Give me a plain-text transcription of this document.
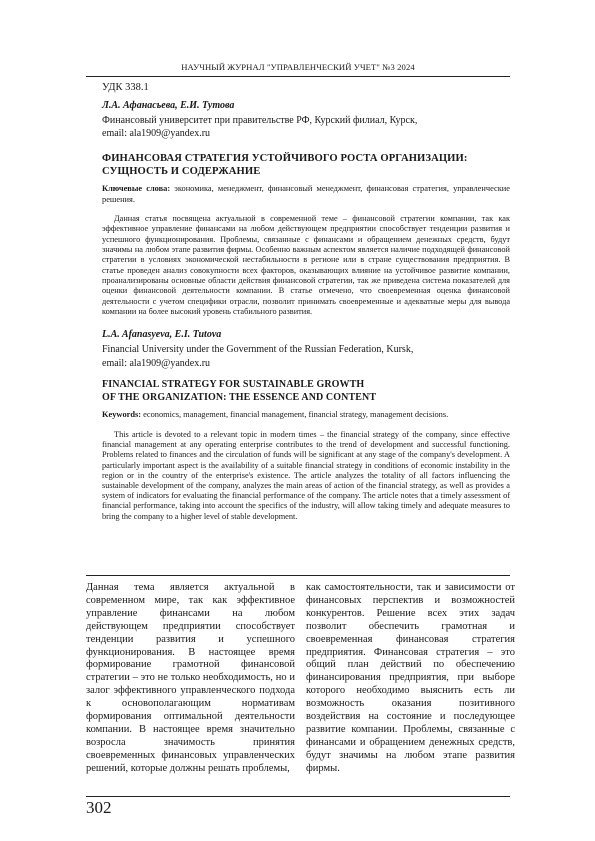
НАУЧНЫЙ ЖУРНАЛ "УПРАВЛЕНЧЕСКИЙ УЧЕТ" №3 2024
УДК 338.1
Л.А. Афанасьева, Е.И. Тутова
Финансовый университет при правительстве РФ, Курский филиал, Курск,
email: ala1909@yandex.ru
ФИНАНСОВАЯ СТРАТЕГИЯ УСТОЙЧИВОГО РОСТА ОРГАНИЗАЦИИ:
СУЩНОСТЬ И СОДЕРЖАНИЕ
Ключевые слова: экономика, менеджмент, финансовый менеджмент, финансовая стратегия, управленческие решения.
Данная статья посвящена актуальной в современной теме – финансовой стратегии компании, так как эффективное управление финансами на любом действующем предприятии способствует тенденции развития и успешного функционирования. Проблемы, связанные с финансами и обращением денежных средств, будут значимы на любом этапе развития фирмы. Особенно важным аспектом является наличие подходящей финансовой стратегии в условиях экономической нестабильности в регионе или в стране существования предприятия. В статье проведен анализ совокупности всех факторов, оказывающих влияние на устойчивое развитие компании, проанализированы основные области действия финансовой стратегии, так же приведена система показателей для оценки финансовой деятельности компании. В статье отмечено, что своевременная оценка финансовой деятельности с учетом специфики отрасли, позволит принимать своевременные и адекватные меры для вывода компании на более высокий уровень стабильного развития.
L.A. Afanasyeva, E.I. Tutova
Financial University under the Government of the Russian Federation, Kursk,
email: ala1909@yandex.ru
FINANCIAL STRATEGY FOR SUSTAINABLE GROWTH
OF THE ORGANIZATION: THE ESSENCE AND CONTENT
Keywords: economics, management, financial management, financial strategy, management decisions.
This article is devoted to a relevant topic in modern times – the financial strategy of the company, since effective financial management at any operating enterprise contributes to the trend of development and successful functioning. Problems related to finances and the circulation of funds will be significant at any stage of the company's development. A particularly important aspect is the availability of a suitable financial strategy in conditions of economic instability in the region or in the country of the enterprise's existence. The article analyzes the totality of all factors influencing the sustainable development of the company, analyzes the main areas of action of the financial strategy, as well as provides a system of indicators for evaluating the financial performance of the company. The article notes that a timely assessment of financial performance, taking into account the specifics of the industry, will allow taking timely and adequate measures to bring the company to a higher level of stable development.
Данная тема является актуальной в современном мире, так как эффективное управление финансами на любом действующем предприятии способствует тенденции развития и успешного функционирования. В настоящее время формирование грамотной финансовой стратегии – это не только необходимость, но и залог эффективного управленческого подхода к основополагающим нормативам формирования оптимальной деятельности компании. В настоящее время значительно возросла значимость принятия своевременных финансовых управленческих решений, которые должны решать проблемы,
как самостоятельности, так и зависимости от финансовых перспектив и возможностей конкурентов. Решение всех этих задач позволит обеспечить грамотная и своевременная финансовая стратегия предприятия. Финансовая стратегия – это общий план действий по обеспечению финансирования предприятия, при выборе которого необходимо выяснить есть ли возможность оказания позитивного воздействия на состояние и последующее развитие компании. Проблемы, связанные с финансами и обращением денежных средств, будут значимы на любом этапе развития фирмы.
302
